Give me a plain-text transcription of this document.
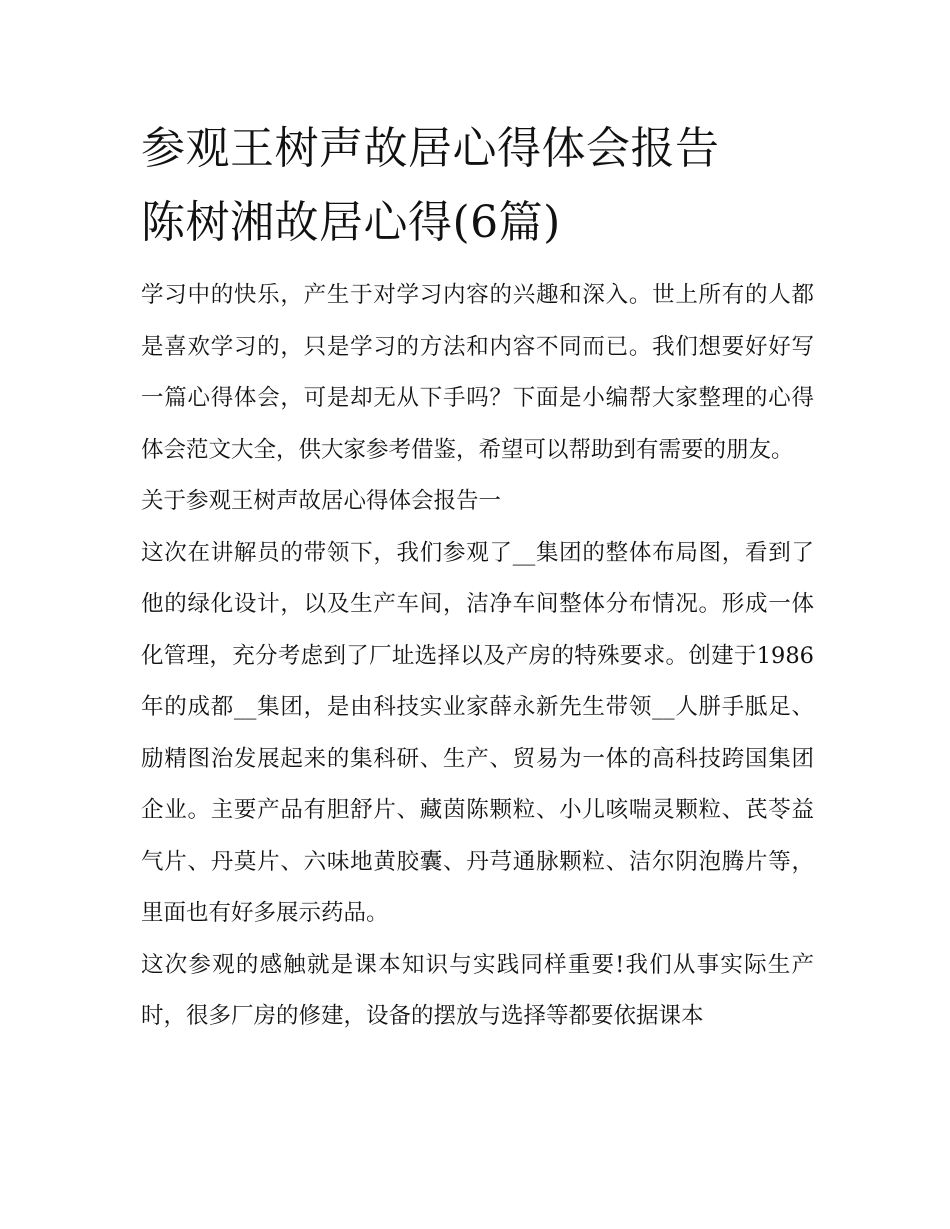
参观王树声故居心得体会报告
陈树湘故居心得(6篇)

学习中的快乐，产生于对学习内容的兴趣和深入。世上所有的人都是喜欢学习的，只是学习的方法和内容不同而已。我们想要好好写一篇心得体会，可是却无从下手吗？下面是小编帮大家整理的心得体会范文大全，供大家参考借鉴，希望可以帮助到有需要的朋友。

关于参观王树声故居心得体会报告一

这次在讲解员的带领下，我们参观了__集团的整体布局图，看到了他的绿化设计，以及生产车间，洁净车间整体分布情况。形成一体化管理，充分考虑到了厂址选择以及产房的特殊要求。创建于1986年的成都__集团，是由科技实业家薛永新先生带领__人胼手胝足、励精图治发展起来的集科研、生产、贸易为一体的高科技跨国集团企业。主要产品有胆舒片、藏茵陈颗粒、小儿咳喘灵颗粒、芪苓益气片、丹莫片、六味地黄胶囊、丹芎通脉颗粒、洁尔阴泡腾片等，里面也有好多展示药品。

这次参观的感触就是课本知识与实践同样重要!我们从事实际生产时，很多厂房的修建，设备的摆放与选择等都要依据课本
